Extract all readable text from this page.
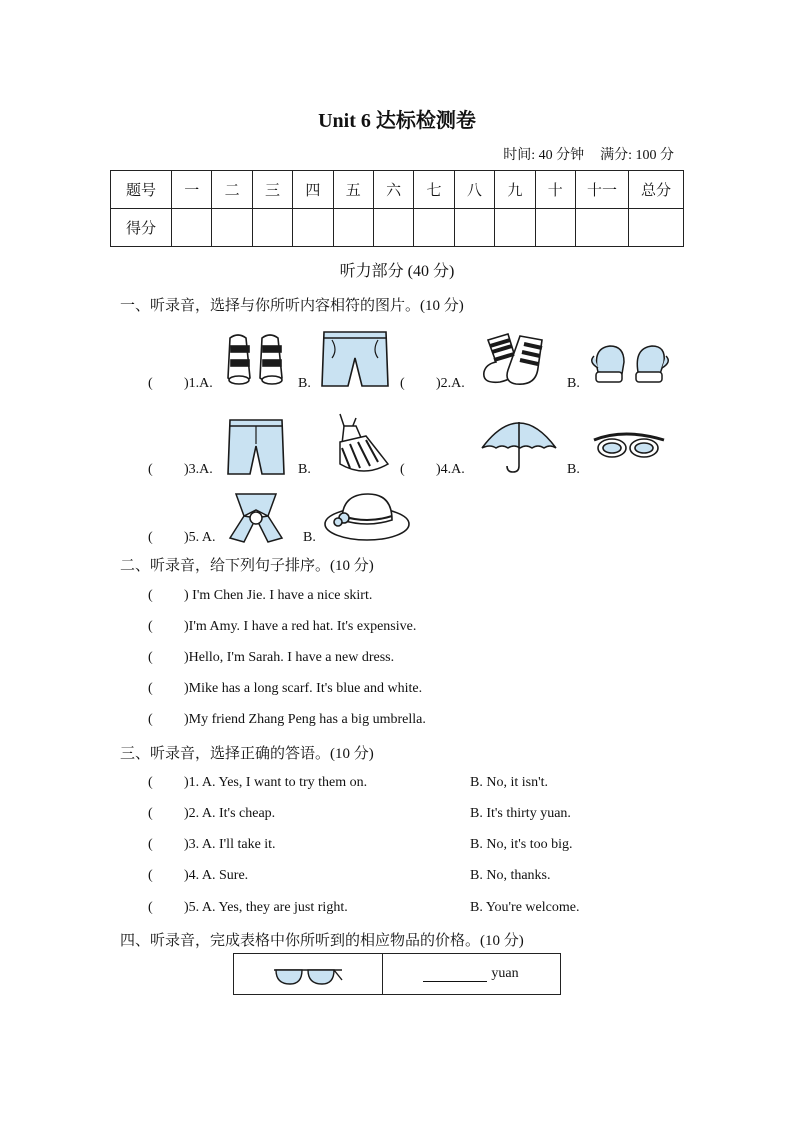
Unit 6 达标检测卷
时间: 40 分钟 满分: 100 分
题号	一	二	三	四	五	六	七	八	九	十	十一	总分
得分												
听力部分 (40 分)
一、听录音，选择与你所听内容相符的图片。(10 分)
( )1.A.	B.	( )2.A.	B.
( )3.A.	B.	( )4.A.	B.
( )5. A.	B.
二、听录音，给下列句子排序。(10 分)
( ) I'm Chen Jie. I have a nice skirt.
( )I'm Amy. I have a red hat. It's expensive.
( )Hello, I'm Sarah. I have a new dress.
( )Mike has a long scarf. It's blue and white.
( )My friend Zhang Peng has a big umbrella.
三、听录音，选择正确的答语。(10 分)
( )1. A. Yes, I want to try them on.	B. No, it isn't.
( )2. A. It's cheap.	B. It's thirty yuan.
( )3. A. I'll take it.	B. No, it's too big.
( )4. A. Sure.	B. No, thanks.
( )5. A. Yes, they are just right.	B. You're welcome.
四、听录音，完成表格中你所听到的相应物品的价格。(10 分)
yuan
